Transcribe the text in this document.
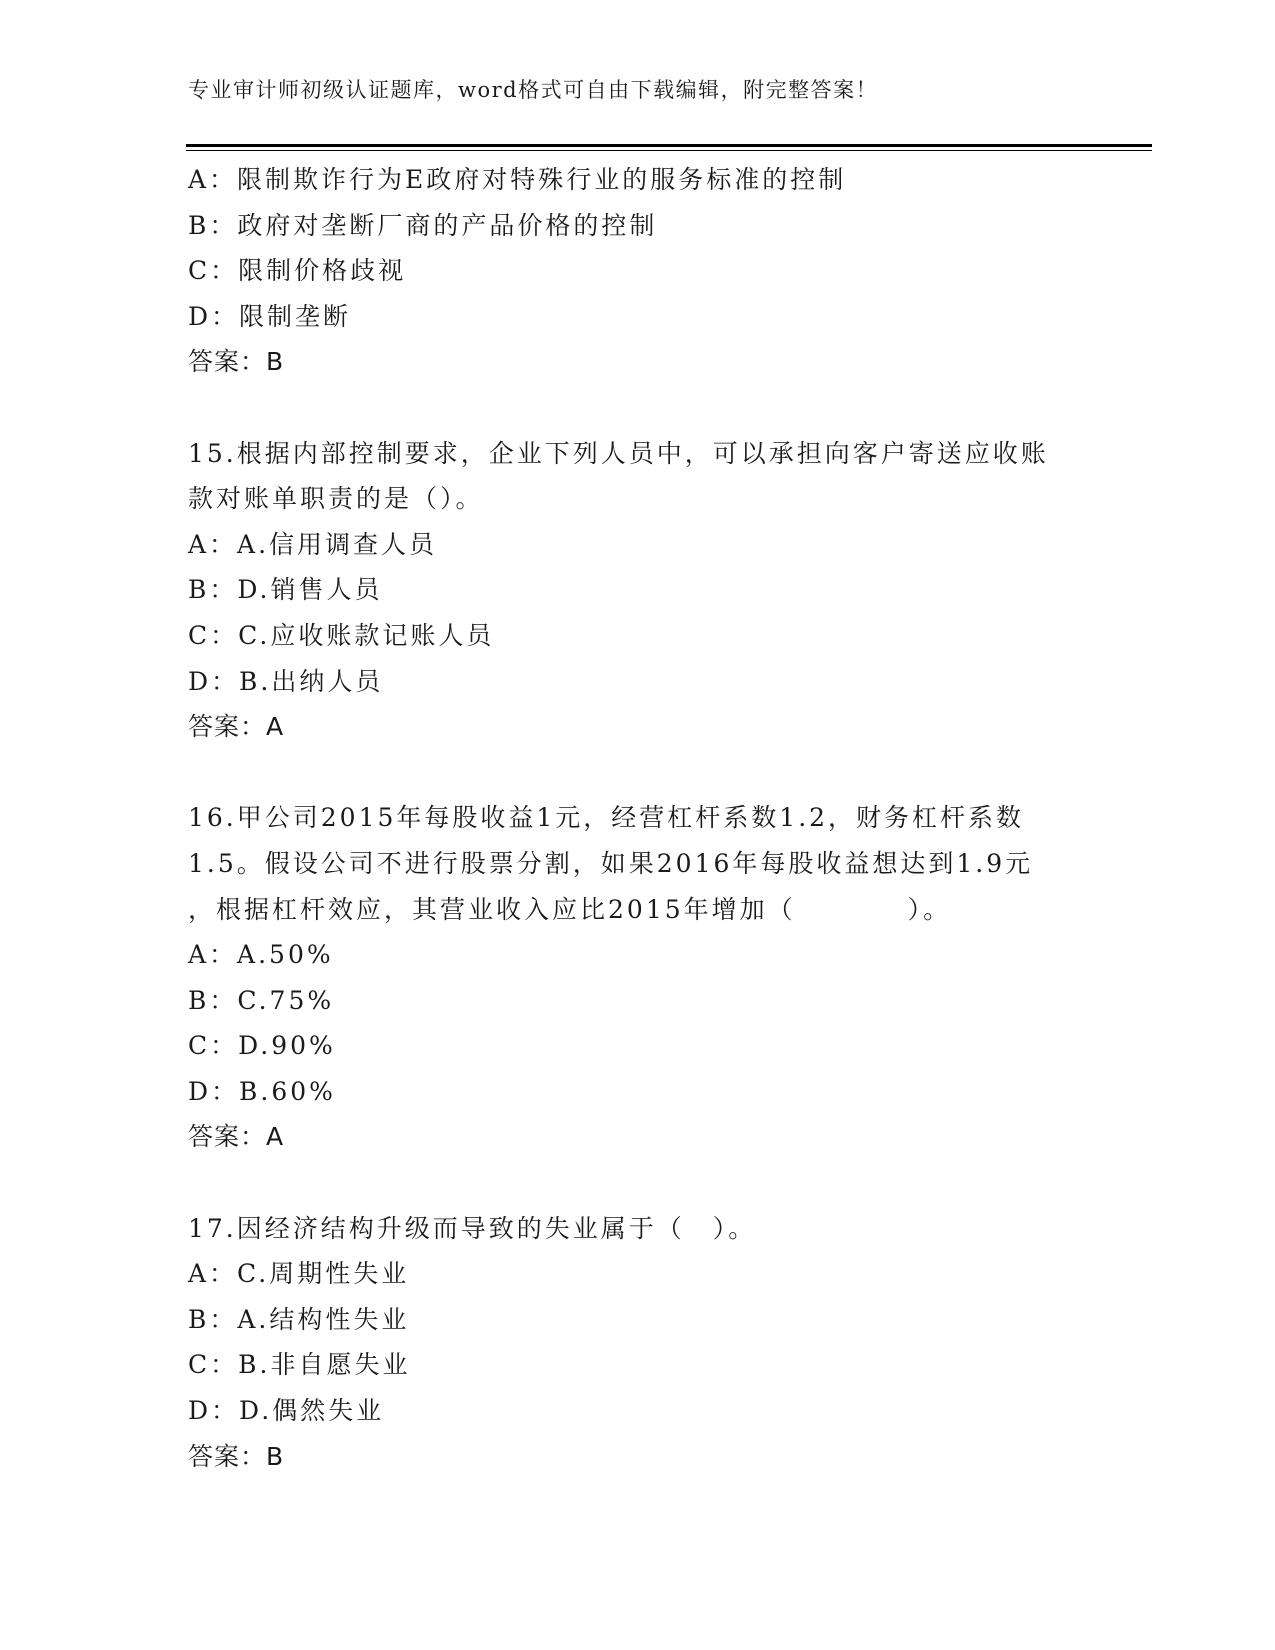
专业审计师初级认证题库，word格式可自由下载编辑，附完整答案！
A：限制欺诈行为E政府对特殊行业的服务标准的控制
B：政府对垄断厂商的产品价格的控制
C：限制价格歧视
D：限制垄断
答案：B
15.根据内部控制要求，企业下列人员中，可以承担向客户寄送应收账
款对账单职责的是（）。
A：A.信用调查人员
B：D.销售人员
C：C.应收账款记账人员
D：B.出纳人员
答案：A
16.甲公司2015年每股收益1元，经营杠杆系数1.2，财务杠杆系数
1.5。假设公司不进行股票分割，如果2016年每股收益想达到1.9元
，根据杠杆效应，其营业收入应比2015年增加（　　　　）。
A：A.50%
B：C.75%
C：D.90%
D：B.60%
答案：A
17.因经济结构升级而导致的失业属于（　）。
A：C.周期性失业
B：A.结构性失业
C：B.非自愿失业
D：D.偶然失业
答案：B
